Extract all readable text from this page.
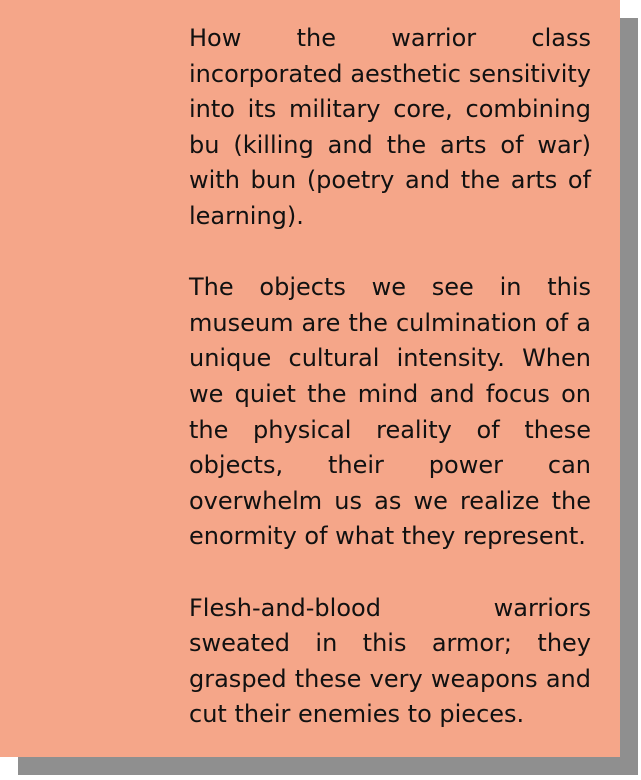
How the warrior class incorporated aesthetic sensitivity into its military core, combining bu (killing and the arts of war) with bun (poetry and the arts of learning).

The objects we see in this museum are the culmination of a unique cultural intensity. When we quiet the mind and focus on the physical reality of these objects, their power can overwhelm us as we realize the enormity of what they represent.

Flesh-and-blood warriors sweated in this armor; they grasped these very weapons and cut their enemies to pieces.
